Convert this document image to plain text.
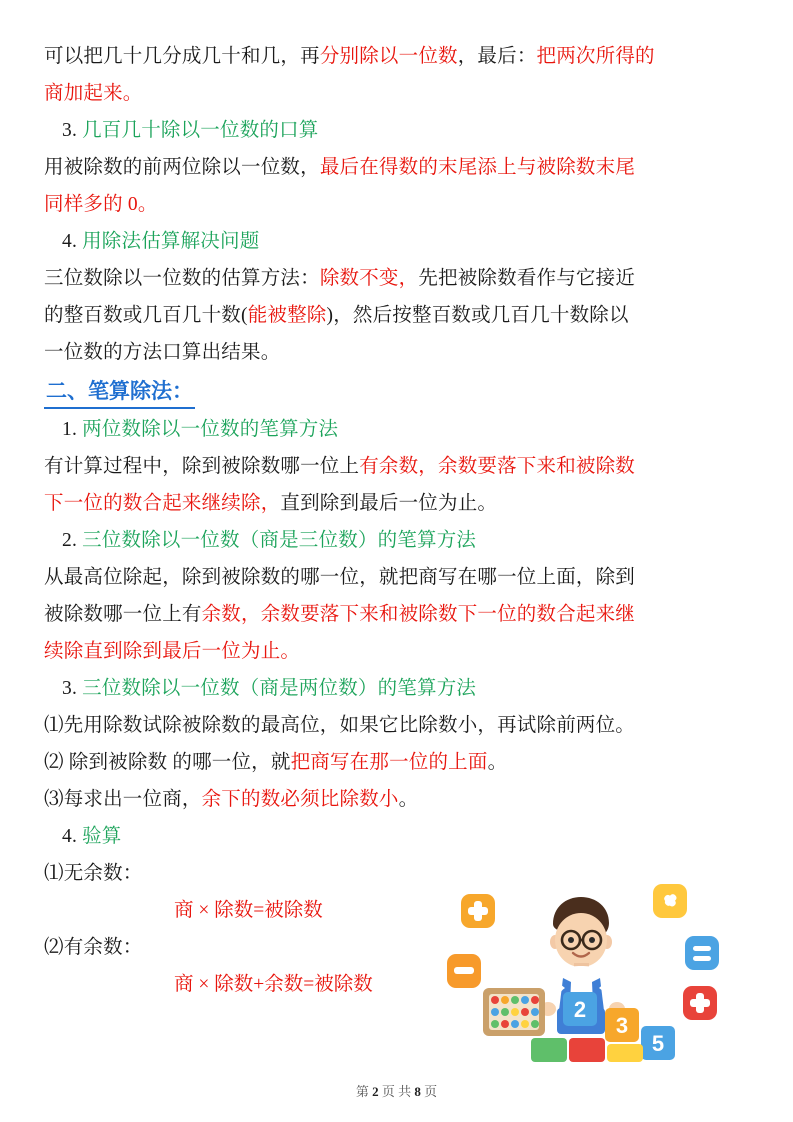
可以把几十几分成几十和几，再分别除以一位数，最后：把两次所得的
商加起来。
3. 几百几十除以一位数的口算
用被除数的前两位除以一位数，最后在得数的末尾添上与被除数末尾
同样多的 0。
4. 用除法估算解决问题
三位数除以一位数的估算方法：除数不变，先把被除数看作与它接近
的整百数或几百几十数(能被整除)，然后按整百数或几百几十数除以
一位数的方法口算出结果。
二、笔算除法：
1. 两位数除以一位数的笔算方法
有计算过程中，除到被除数哪一位上有余数，余数要落下来和被除数
下一位的数合起来继续除，直到除到最后一位为止。
2. 三位数除以一位数（商是三位数）的笔算方法
从最高位除起，除到被除数的哪一位，就把商写在哪一位上面，除到
被除数哪一位上有余数，余数要落下来和被除数下一位的数合起来继
续除直到除到最后一位为止。
3. 三位数除以一位数（商是两位数）的笔算方法
⑴先用除数试除被除数的最高位，如果它比除数小，再试除前两位。
⑵ 除到被除数 的哪一位，就把商写在那一位的上面。
⑶每求出一位商，余下的数必须比除数小。
4. 验算
⑴无余数：
商 × 除数=被除数
⑵有余数：
商 × 除数+余数=被除数
2
3
5
第 2 页 共 8 页
